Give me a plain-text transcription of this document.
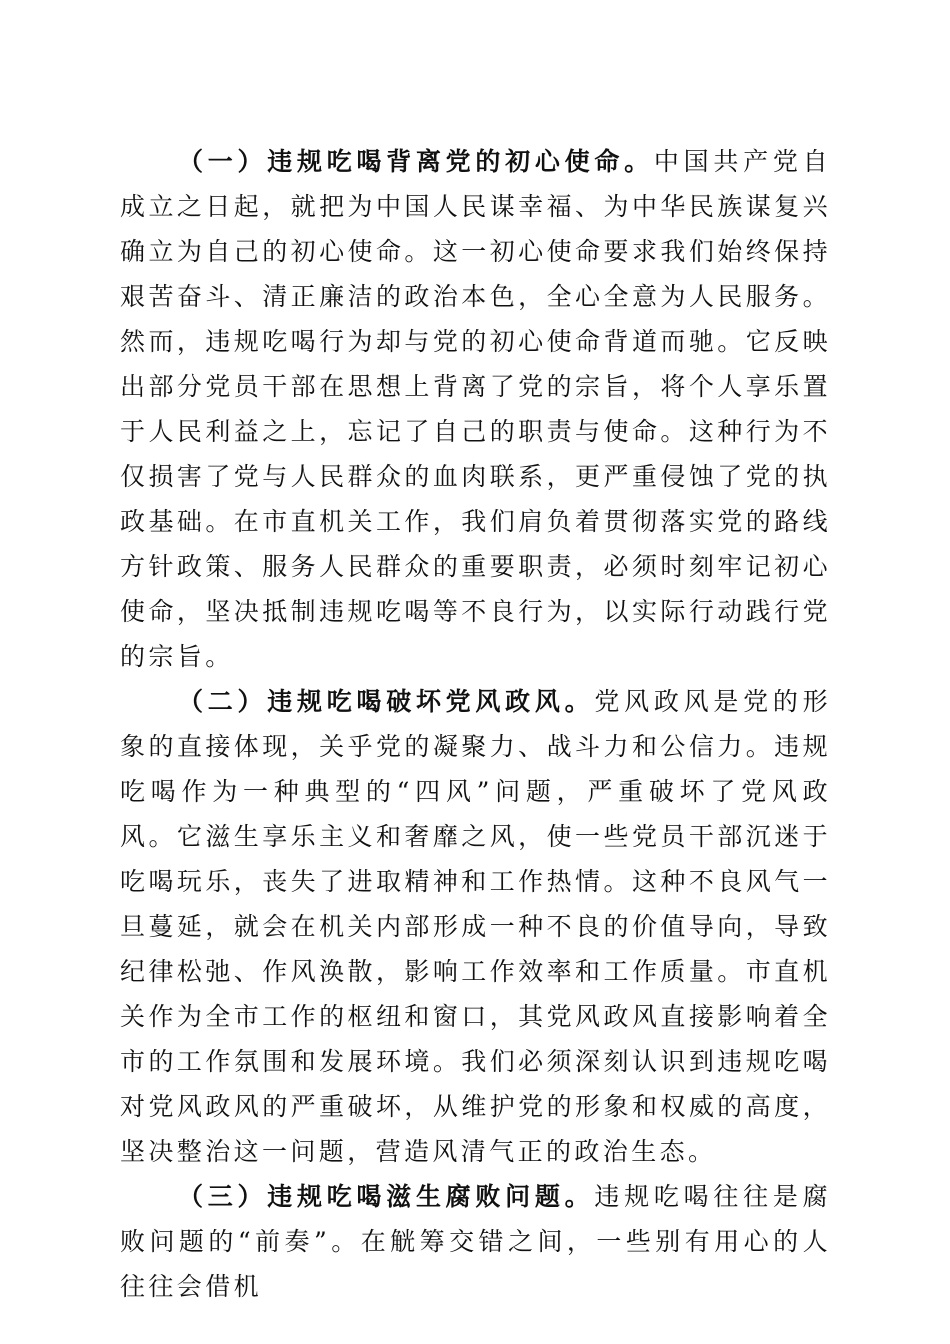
（一）违规吃喝背离党的初心使命。中国共产党自成立之日起，就把为中国人民谋幸福、为中华民族谋复兴确立为自己的初心使命。这一初心使命要求我们始终保持艰苦奋斗、清正廉洁的政治本色，全心全意为人民服务。然而，违规吃喝行为却与党的初心使命背道而驰。它反映出部分党员干部在思想上背离了党的宗旨，将个人享乐置于人民利益之上，忘记了自己的职责与使命。这种行为不仅损害了党与人民群众的血肉联系，更严重侵蚀了党的执政基础。在市直机关工作，我们肩负着贯彻落实党的路线方针政策、服务人民群众的重要职责，必须时刻牢记初心使命，坚决抵制违规吃喝等不良行为，以实际行动践行党的宗旨。

（二）违规吃喝破坏党风政风。党风政风是党的形象的直接体现，关乎党的凝聚力、战斗力和公信力。违规吃喝作为一种典型的“四风”问题，严重破坏了党风政风。它滋生享乐主义和奢靡之风，使一些党员干部沉迷于吃喝玩乐，丧失了进取精神和工作热情。这种不良风气一旦蔓延，就会在机关内部形成一种不良的价值导向，导致纪律松弛、作风涣散，影响工作效率和工作质量。市直机关作为全市工作的枢纽和窗口，其党风政风直接影响着全市的工作氛围和发展环境。我们必须深刻认识到违规吃喝对党风政风的严重破坏，从维护党的形象和权威的高度，坚决整治这一问题，营造风清气正的政治生态。

（三）违规吃喝滋生腐败问题。违规吃喝往往是腐败问题的“前奏”。在觥筹交错之间，一些别有用心的人往往会借机
